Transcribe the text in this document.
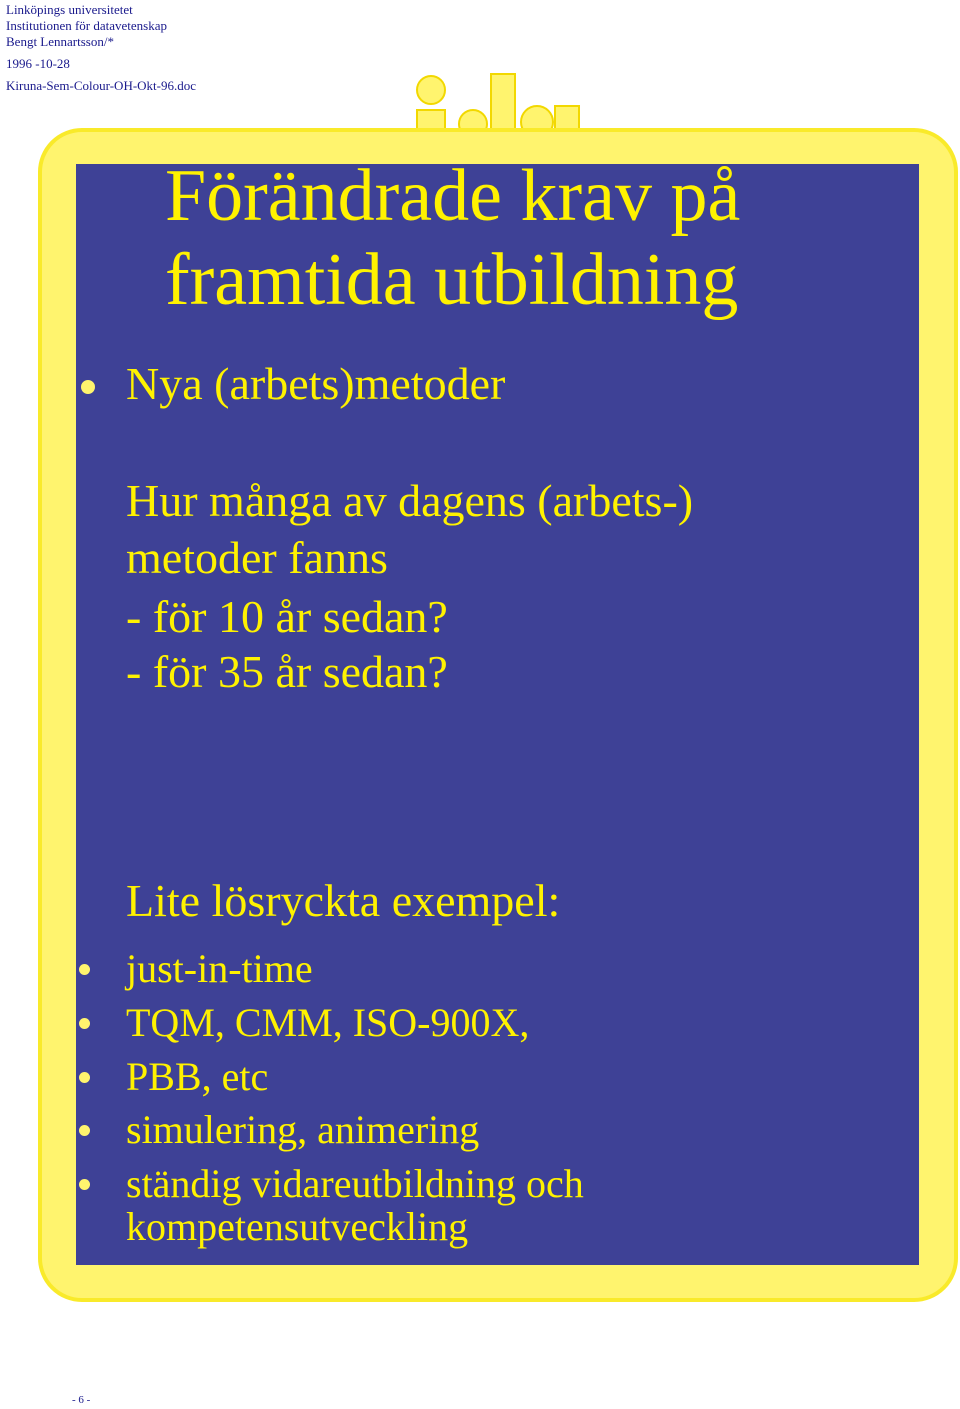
Linköpings universitetet
Institutionen för datavetenskap
Bengt Lennartsson/*
1996 -10-28
Kiruna-Sem-Colour-OH-Okt-96.doc
Förändrade krav på
framtida utbildning
Nya (arbets)metoder
Hur många av dagens (arbets-)
metoder fanns
- för 10 år sedan?
- för 35 år sedan?
Lite lösryckta exempel:
just-in-time
TQM, CMM, ISO-900X,
PBB, etc
simulering, animering
ständig vidareutbildning och
kompetensutveckling
- 6 -
